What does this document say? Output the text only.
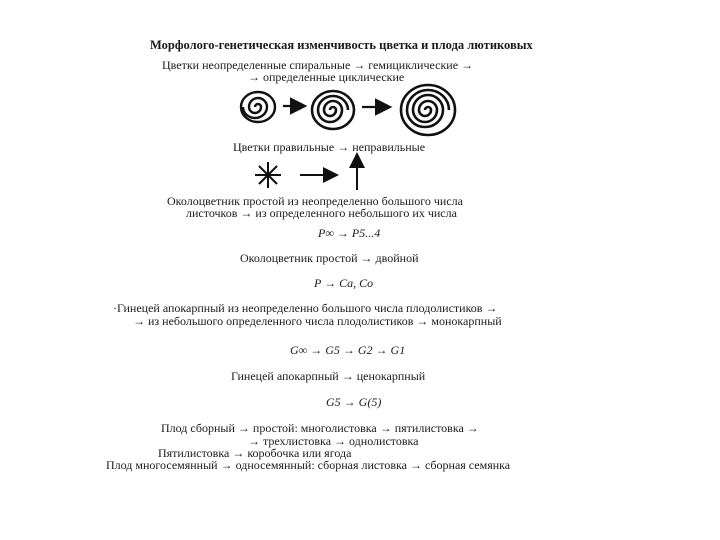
Морфолого-генетическая изменчивость цветка и плода лютиковых
Цветки неопределенные спиральные → гемициклические →
→ определенные циклические
Цветки правильные → неправильные
Околоцветник простой из неопределенно большого числа
листочков → из определенного небольшого их числа
P∞ → P5...4
Околоцветник простой → двойной
P → Ca, Co
·Гинецей апокарпный из неопределенно большого числа плодолистиков →
→ из небольшого определенного числа плодолистиков → монокарпный
G∞ → G5 → G2 → G1
Гинецей апокарпный → ценокарпный
G5 → G(5)
Плод сборный → простой: многолистовка → пятилистовка →
→ трехлистовка → однолистовка
Пятилистовка → коробочка или ягода
Плод многосемянный → односемянный: сборная листовка → сборная семянка
